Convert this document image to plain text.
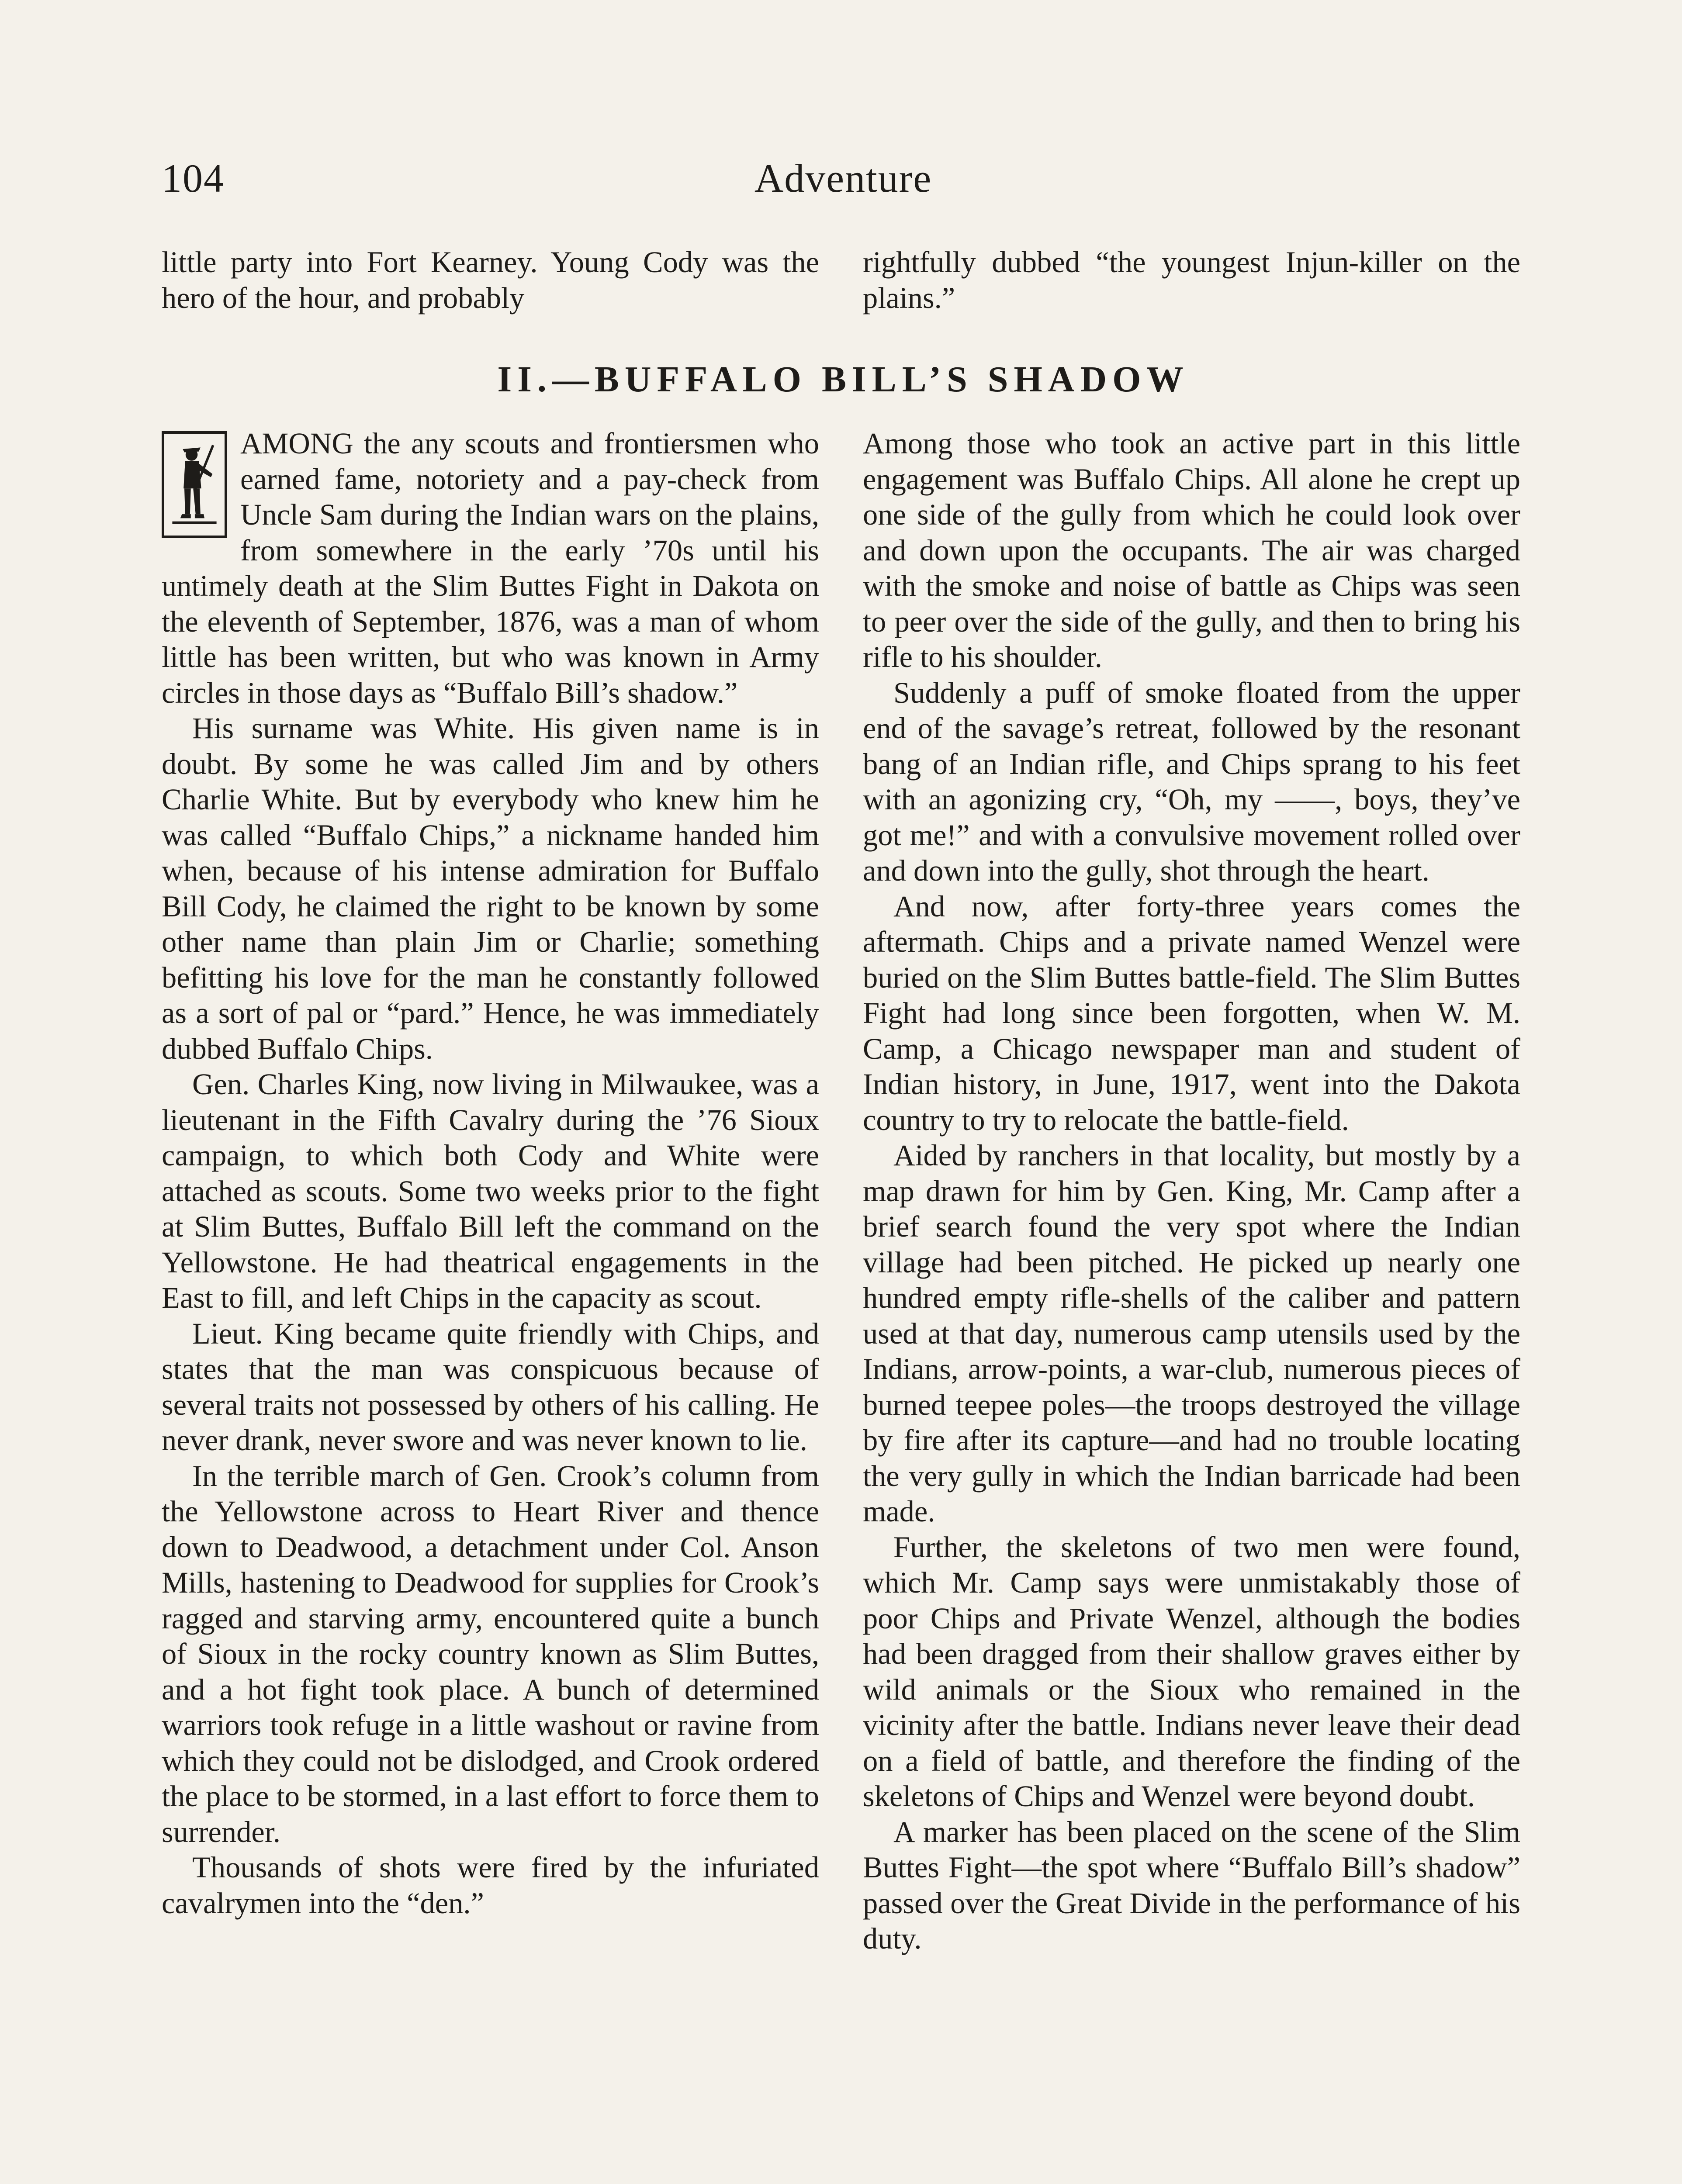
104	Adventure

little party into Fort Kearney. Young Cody was the hero of the hour, and probably

rightfully dubbed “the youngest Injun-killer on the plains.”

II.—BUFFALO BILL’S SHADOW

AMONG the any scouts and frontiersmen who earned fame, notoriety and a pay-check from Uncle Sam during the Indian wars on the plains, from somewhere in the early ’70s until his untimely death at the Slim Buttes Fight in Dakota on the eleventh of September, 1876, was a man of whom little has been written, but who was known in Army circles in those days as “Buffalo Bill’s shadow.”

His surname was White. His given name is in doubt. By some he was called Jim and by others Charlie White. But by everybody who knew him he was called “Buffalo Chips,” a nickname handed him when, because of his intense admiration for Buffalo Bill Cody, he claimed the right to be known by some other name than plain Jim or Charlie; something befitting his love for the man he constantly followed as a sort of pal or “pard.” Hence, he was immediately dubbed Buffalo Chips.

Gen. Charles King, now living in Milwaukee, was a lieutenant in the Fifth Cavalry during the ’76 Sioux campaign, to which both Cody and White were attached as scouts. Some two weeks prior to the fight at Slim Buttes, Buffalo Bill left the command on the Yellowstone. He had theatrical engagements in the East to fill, and left Chips in the capacity as scout.

Lieut. King became quite friendly with Chips, and states that the man was conspicuous because of several traits not possessed by others of his calling. He never drank, never swore and was never known to lie.

In the terrible march of Gen. Crook’s column from the Yellowstone across to Heart River and thence down to Deadwood, a detachment under Col. Anson Mills, hastening to Deadwood for supplies for Crook’s ragged and starving army, encountered quite a bunch of Sioux in the rocky country known as Slim Buttes, and a hot fight took place. A bunch of determined warriors took refuge in a little washout or ravine from which they could not be dislodged, and Crook ordered the place to be stormed, in a last effort to force them to surrender.

Thousands of shots were fired by the infuriated cavalrymen into the “den.”

Among those who took an active part in this little engagement was Buffalo Chips. All alone he crept up one side of the gully from which he could look over and down upon the occupants. The air was charged with the smoke and noise of battle as Chips was seen to peer over the side of the gully, and then to bring his rifle to his shoulder.

Suddenly a puff of smoke floated from the upper end of the savage’s retreat, followed by the resonant bang of an Indian rifle, and Chips sprang to his feet with an agonizing cry, “Oh, my ——, boys, they’ve got me!” and with a convulsive movement rolled over and down into the gully, shot through the heart.

And now, after forty-three years comes the aftermath. Chips and a private named Wenzel were buried on the Slim Buttes battle-field. The Slim Buttes Fight had long since been forgotten, when W. M. Camp, a Chicago newspaper man and student of Indian history, in June, 1917, went into the Dakota country to try to relocate the battle-field.

Aided by ranchers in that locality, but mostly by a map drawn for him by Gen. King, Mr. Camp after a brief search found the very spot where the Indian village had been pitched. He picked up nearly one hundred empty rifle-shells of the caliber and pattern used at that day, numerous camp utensils used by the Indians, arrow-points, a war-club, numerous pieces of burned teepee poles—the troops destroyed the village by fire after its capture—and had no trouble locating the very gully in which the Indian barricade had been made.

Further, the skeletons of two men were found, which Mr. Camp says were unmistakably those of poor Chips and Private Wenzel, although the bodies had been dragged from their shallow graves either by wild animals or the Sioux who remained in the vicinity after the battle. Indians never leave their dead on a field of battle, and therefore the finding of the skeletons of Chips and Wenzel were beyond doubt.

A marker has been placed on the scene of the Slim Buttes Fight—the spot where “Buffalo Bill’s shadow” passed over the Great Divide in the performance of his duty.
